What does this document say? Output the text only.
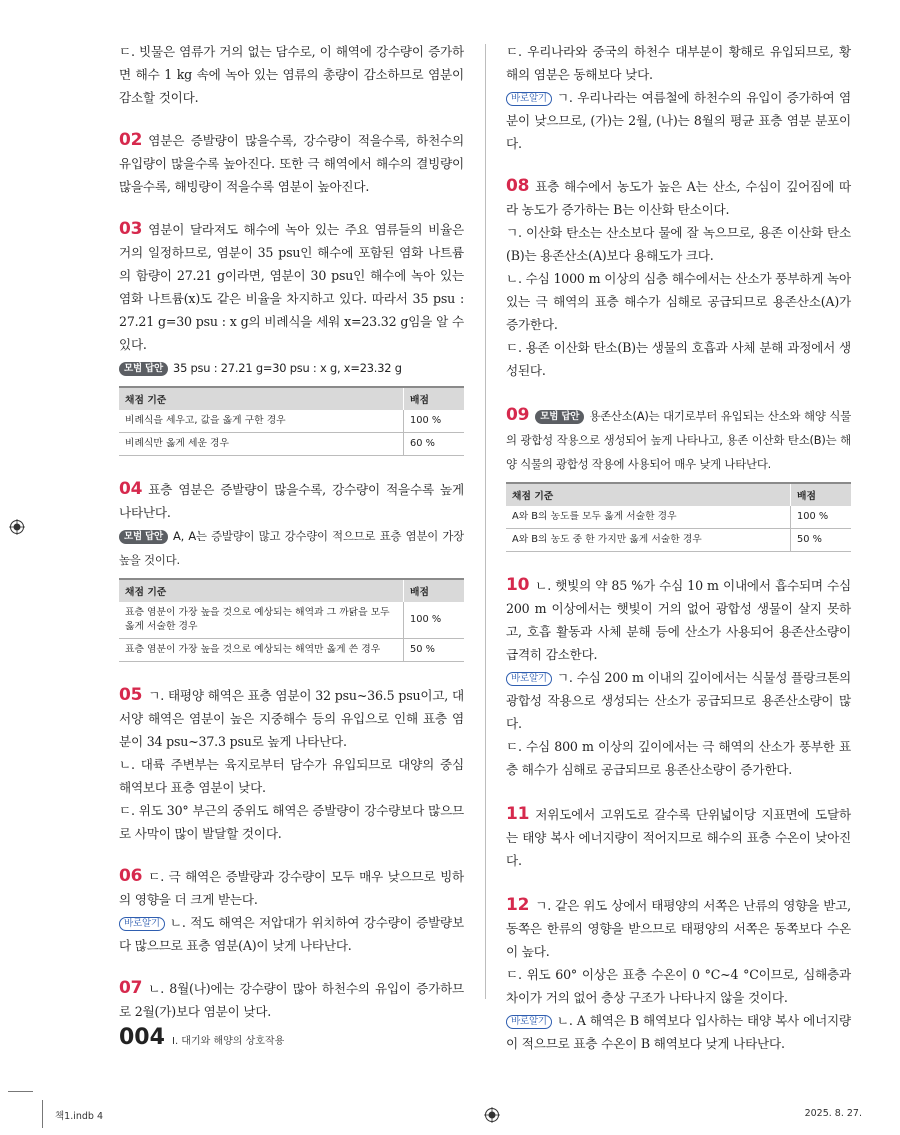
ㄷ. 빗물은 염류가 거의 없는 담수로, 이 해역에 강수량이 증가하면 해수 1 kg 속에 녹아 있는 염류의 총량이 감소하므로 염분이 감소할 것이다.

02 염분은 증발량이 많을수록, 강수량이 적을수록, 하천수의 유입량이 많을수록 높아진다. 또한 극 해역에서 해수의 결빙량이 많을수록, 해빙량이 적을수록 염분이 높아진다.

03 염분이 달라져도 해수에 녹아 있는 주요 염류들의 비율은 거의 일정하므로, 염분이 35 psu인 해수에 포함된 염화 나트륨의 함량이 27.21 g이라면, 염분이 30 psu인 해수에 녹아 있는 염화 나트륨(x)도 같은 비율을 차지하고 있다. 따라서 35 psu : 27.21 g=30 psu : x g의 비례식을 세워 x=23.32 g임을 알 수 있다.

모범 답안 35 psu : 27.21 g=30 psu : x g, x=23.32 g

채점 기준	배점
비례식을 세우고, 값을 옳게 구한 경우	100 %
비례식만 옳게 세운 경우	60 %

04 표층 염분은 증발량이 많을수록, 강수량이 적을수록 높게 나타난다.

모범 답안 A, A는 증발량이 많고 강수량이 적으므로 표층 염분이 가장 높을 것이다.

채점 기준	배점
표층 염분이 가장 높을 것으로 예상되는 해역과 그 까닭을 모두 옳게 서술한 경우	100 %
표층 염분이 가장 높을 것으로 예상되는 해역만 옳게 쓴 경우	50 %

05 ㄱ. 태평양 해역은 표층 염분이 32 psu~36.5 psu이고, 대서양 해역은 염분이 높은 지중해수 등의 유입으로 인해 표층 염분이 34 psu~37.3 psu로 높게 나타난다.

ㄴ. 대륙 주변부는 육지로부터 담수가 유입되므로 대양의 중심 해역보다 표층 염분이 낮다.

ㄷ. 위도 30° 부근의 중위도 해역은 증발량이 강수량보다 많으므로 사막이 많이 발달할 것이다.

06 ㄷ. 극 해역은 증발량과 강수량이 모두 매우 낮으므로 빙하의 영향을 더 크게 받는다.

바로알기 ㄴ. 적도 해역은 저압대가 위치하여 강수량이 증발량보다 많으므로 표층 염분(A)이 낮게 나타난다.

07 ㄴ. 8월(나)에는 강수량이 많아 하천수의 유입이 증가하므로 2월(가)보다 염분이 낮다.

ㄷ. 우리나라와 중국의 하천수 대부분이 황해로 유입되므로, 황해의 염분은 동해보다 낮다.

바로알기 ㄱ. 우리나라는 여름철에 하천수의 유입이 증가하여 염분이 낮으므로, (가)는 2월, (나)는 8월의 평균 표층 염분 분포이다.

08 표층 해수에서 농도가 높은 A는 산소, 수심이 깊어짐에 따라 농도가 증가하는 B는 이산화 탄소이다.

ㄱ. 이산화 탄소는 산소보다 물에 잘 녹으므로, 용존 이산화 탄소(B)는 용존산소(A)보다 용해도가 크다.

ㄴ. 수심 1000 m 이상의 심층 해수에서는 산소가 풍부하게 녹아 있는 극 해역의 표층 해수가 심해로 공급되므로 용존산소(A)가 증가한다.

ㄷ. 용존 이산화 탄소(B)는 생물의 호흡과 사체 분해 과정에서 생성된다.

09 모범 답안 용존산소(A)는 대기로부터 유입되는 산소와 해양 식물의 광합성 작용으로 생성되어 높게 나타나고, 용존 이산화 탄소(B)는 해양 식물의 광합성 작용에 사용되어 매우 낮게 나타난다.

채점 기준	배점
A와 B의 농도를 모두 옳게 서술한 경우	100 %
A와 B의 농도 중 한 가지만 옳게 서술한 경우	50 %

10 ㄴ. 햇빛의 약 85 %가 수심 10 m 이내에서 흡수되며 수심 200 m 이상에서는 햇빛이 거의 없어 광합성 생물이 살지 못하고, 호흡 활동과 사체 분해 등에 산소가 사용되어 용존산소량이 급격히 감소한다.

바로알기 ㄱ. 수심 200 m 이내의 깊이에서는 식물성 플랑크톤의 광합성 작용으로 생성되는 산소가 공급되므로 용존산소량이 많다.

ㄷ. 수심 800 m 이상의 깊이에서는 극 해역의 산소가 풍부한 표층 해수가 심해로 공급되므로 용존산소량이 증가한다.

11 저위도에서 고위도로 갈수록 단위넓이당 지표면에 도달하는 태양 복사 에너지량이 적어지므로 해수의 표층 수온이 낮아진다.

12 ㄱ. 같은 위도 상에서 태평양의 서쪽은 난류의 영향을 받고, 동쪽은 한류의 영향을 받으므로 태평양의 서쪽은 동쪽보다 수온이 높다.

ㄷ. 위도 60° 이상은 표층 수온이 0 °C~4 °C이므로, 심해층과 차이가 거의 없어 층상 구조가 나타나지 않을 것이다.

바로알기 ㄴ. A 해역은 B 해역보다 입사하는 태양 복사 에너지량이 적으므로 표층 수온이 B 해역보다 낮게 나타난다.

004 I. 대기와 해양의 상호작용
책1.indb 4	2025. 8. 27.
